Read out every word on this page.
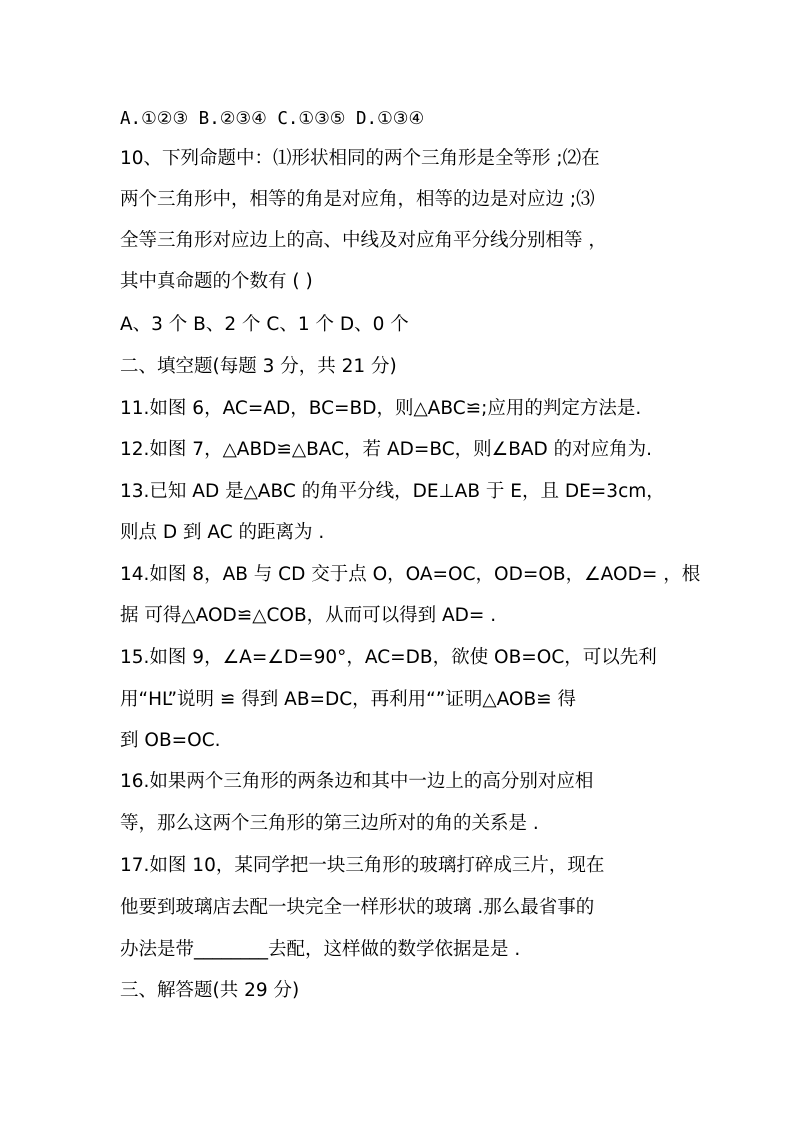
A.①②③ B.②③④ C.①③⑤ D.①③④
10、下列命题中：⑴形状相同的两个三角形是全等形 ;⑵在
两个三角形中，相等的角是对应角，相等的边是对应边 ;⑶
全等三角形对应边上的高、中线及对应角平分线分别相等 ，
其中真命题的个数有 ( )
A、3 个 B、2 个 C、1 个 D、0 个
二、填空题(每题 3 分，共 21 分)
11.如图 6，AC=AD，BC=BD，则△ABC≌;应用的判定方法是.
12.如图 7，△ABD≌△BAC，若 AD=BC，则∠BAD 的对应角为.
13.已知 AD 是△ABC 的角平分线，DE⊥AB 于 E，且 DE=3cm，
则点 D 到 AC 的距离为 .
14.如图 8，AB 与 CD 交于点 O，OA=OC，OD=OB，∠AOD= ，根
据 可得△AOD≌△COB，从而可以得到 AD= .
15.如图 9，∠A=∠D=90°，AC=DB，欲使 OB=OC，可以先利
用“HL”说明 ≌ 得到 AB=DC，再利用“”证明△AOB≌ 得
到 OB=OC.
16.如果两个三角形的两条边和其中一边上的高分别对应相
等，那么这两个三角形的第三边所对的角的关系是 .
17.如图 10，某同学把一块三角形的玻璃打碎成三片，现在
他要到玻璃店去配一块完全一样形状的玻璃 .那么最省事的
办法是带________去配，这样做的数学依据是是 .
三、解答题(共 29 分)
